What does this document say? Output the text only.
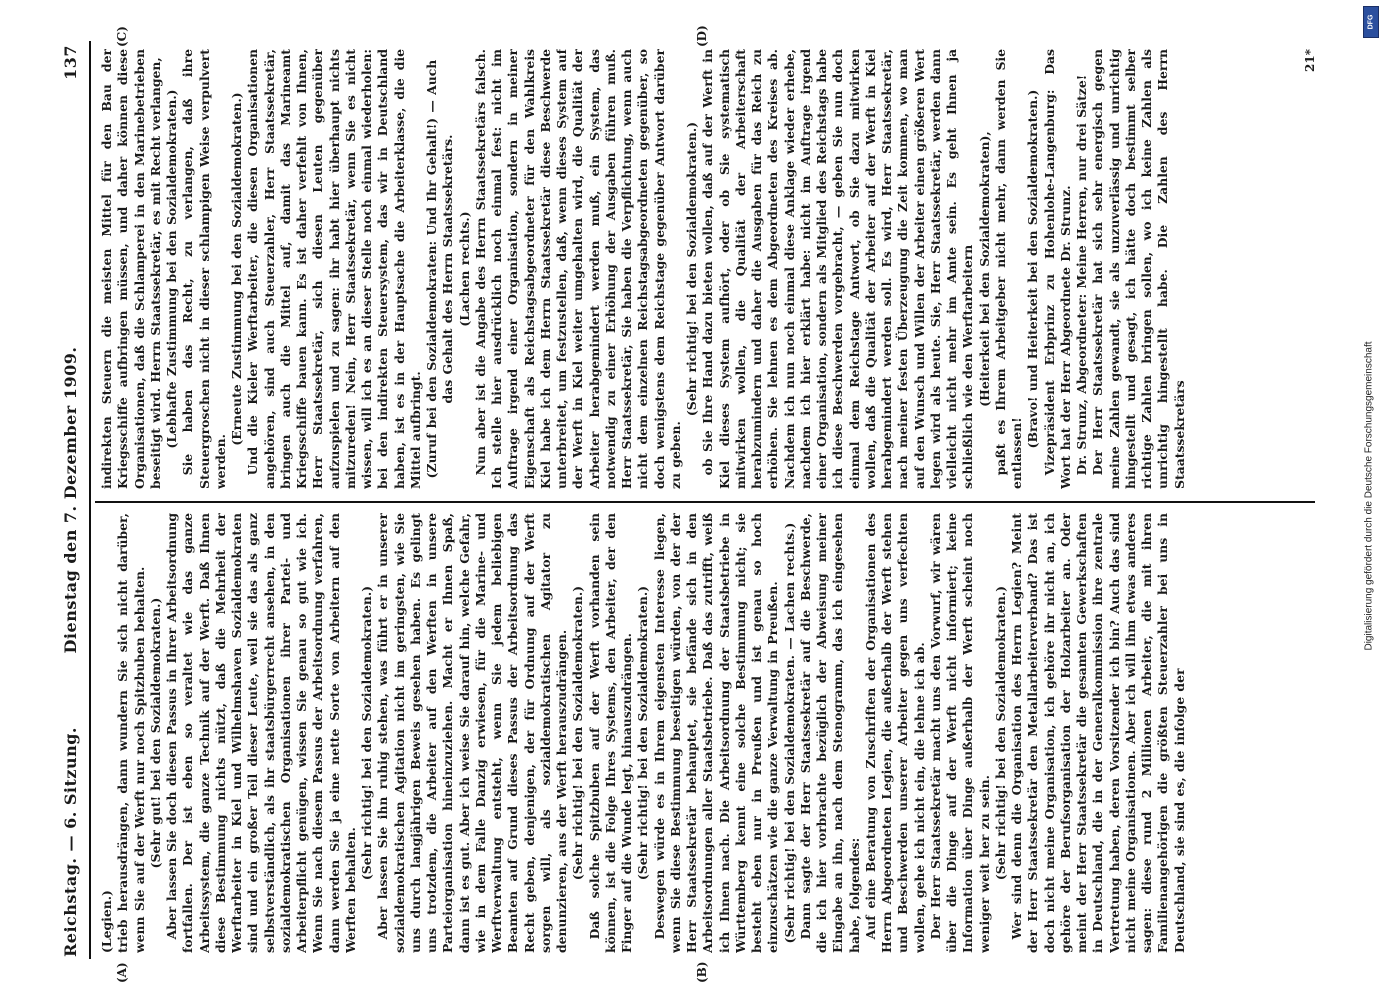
Reichstag. — 6. Sitzung.
Dienstag den 7. Dezember 1909.
137
(A)	(B)
(C)	(D)

(Legien.) trieb herausdrängen, dann wundern Sie sich nicht darüber, wenn Sie auf der Werft nur noch Spitzbuben behalten. (Sehr gut! bei den Sozialdemokraten.) Aber lassen Sie doch diesen Passus in Ihrer Arbeitsordnung fortfallen. Der ist eben so veraltet wie das ganze Arbeitssystem, die ganze Technik auf der Werft. Daß Ihnen diese Bestimmung nichts nützt, daß die Mehrheit der Werftarbeiter in Kiel und Wilhelmshaven Sozialdemokraten sind und ein großer Teil dieser Leute, weil sie das als ganz selbstverständlich, als ihr staatsbürgerrecht ansehen, in den sozialdemokratischen Organisationen ihrer Partei- und Arbeiterpflicht genügen, wissen Sie genau so gut wie ich. Wenn Sie nach diesem Passus der Arbeitsordnung verfahren, dann werden Sie ja eine nette Sorte von Arbeitern auf den Werften behalten.

(Sehr richtig! bei den Sozialdemokraten.) Aber lassen Sie ihn ruhig stehen, was führt er in unserer sozialdemokratischen Agitation nicht im geringsten, wie Sie uns durch langjährigen Beweis gesehen haben. Es gelingt uns trotzdem, die Arbeiter auf den Werften in unsere Parteiorganisation hineinzuziehen. Macht er Ihnen Spaß, dann ist es gut. Aber ich weise Sie darauf hin, welche Gefahr, wie in dem Falle Danzig erwiesen, für die Marine- und Werftverwaltung entsteht, wenn Sie jedem beliebigen Beamten auf Grund dieses Passus der Arbeitsordnung das Recht geben, denjenigen, der für Ordnung auf der Werft sorgen will, als sozialdemokratischen Agitator zu denunzieren, aus der Werft herauszudrängen. (Sehr richtig! bei den Sozialdemokraten.) Daß solche Spitzbuben auf der Werft vorhanden sein können, ist die Folge Ihres Systems, den Arbeiter, der den Finger auf die Wunde legt, hinauszudrängen. (Sehr richtig! bei den Sozialdemokraten.) Deswegen würde es in Ihrem eigensten Interesse liegen, wenn Sie diese Bestimmung beseitigen würden, von der der Herr Staatssekretär behauptet, sie befände sich in den Arbeitsordnungen aller Staatsbetriebe. Daß das zutrifft, weiß ich Ihnen nach. Die Arbeitsordnung der Staatsbetriebe in Württemberg kennt eine solche Bestimmung nicht; sie besteht eben nur in Preußen und ist genau so hoch einzuschätzen wie die ganze Verwaltung in Preußen. (Sehr richtig! bei den Sozialdemokraten. — Lachen rechts.) Dann sagte der Herr Staatssekretär auf die Beschwerde, die ich hier vorbrachte bezüglich der Abweisung meiner Eingabe an ihn, nach dem Stenogramm, das ich eingesehen habe, folgendes: Auf eine Beratung von Zuschriften der Organisationen des Herrn Abgeordneten Legien, die außerhalb der Werft stehen und Beschwerden unserer Arbeiter gegen uns verfechten wollen, gehe ich nicht ein, die lehne ich ab. Der Herr Staatssekretär macht uns den Vorwurf, wir wären über die Dinge auf der Werft nicht informiert; keine Information über Dinge außerhalb der Werft scheint noch weniger weit her zu sein. (Sehr richtig! bei den Sozialdemokraten.) Wer sind denn die Organisation des Herrn Legien? Meint der Herr Staatssekretär den Metallarbeiterverband? Das ist doch nicht meine Organisation, ich gehöre ihr nicht an, ich gehöre der Berufsorganisation der Holzarbeiter an. Oder meint der Herr Staatssekretär die gesamten Gewerkschaften in Deutschland, die in der Generalkommission ihre zentrale Vertretung haben, deren Vorsitzender ich bin? Auch das sind nicht meine Organisationen. Aber ich will ihm etwas anderes sagen: diese rund 2 Millionen Arbeiter, die mit ihren Familienangehörigen die größten Steuerzahler bei uns in Deutschland, sie sind es, die infolge der

indirekten Steuern die meisten Mittel für den Bau der Kriegsschiffe aufbringen müssen, und daher können diese Organisationen, daß die Schlamperei in den Marinebetrieben beseitigt wird. Herrn Staatssekretär, es mit Recht verlangen, (Lebhafte Zustimmung bei den Sozialdemokraten.) Sie haben das Recht, zu verlangen, daß ihre Steuergroschen nicht in dieser schlampigen Weise verpulvert werden.

(Erneute Zustimmung bei den Sozialdemokraten.) Und die Kieler Werftarbeiter, die diesen Organisationen angehören, sind auch Steuerzahler, Herr Staatssekretär, bringen auch die Mittel auf, damit das Marineamt Kriegsschiffe bauen kann. Es ist daher verfehlt von Ihnen, Herr Staatssekretär, sich diesen Leuten gegenüber aufzuspielen und zu sagen: ihr habt hier überhaupt nichts mitzureden! Nein, Herr Staatssekretär, wenn Sie es nicht wissen, will ich es an dieser Stelle noch einmal wiederholen: bei den indirekten Steuersystem, das wir in Deutschland haben, ist es in der Hauptsache die Arbeiterklasse, die die Mittel aufbringt. (Zuruf bei den Sozialdemokraten: Und Ihr Gehalt!) — Auch das Gehalt des Herrn Staatssekretärs. (Lachen rechts.) Nun aber ist die Angabe des Herrn Staatssekretärs falsch. Ich stelle hier ausdrücklich noch einmal fest: nicht im Auftrage irgend einer Organisation, sondern in meiner Eigenschaft als Reichstagsabgeordneter für den Wahlkreis Kiel habe ich dem Herrn Staatssekretär diese Beschwerde unterbreitet, um festzustellen, daß, wenn dieses System auf der Werft in Kiel weiter umgehalten wird, die Qualität der Arbeiter herabgemindert werden muß, ein System, das notwendig zu einer Erhöhung der Ausgaben führen muß. Herr Staatssekretär, Sie haben die Verpflichtung, wenn auch nicht dem einzelnen Reichstagsabgeordneten gegenüber, so doch wenigstens dem Reichstage gegenüber Antwort darüber zu geben.

(Sehr richtig! bei den Sozialdemokraten.) ob Sie Ihre Hand dazu bieten wollen, daß auf der Werft in Kiel dieses System aufhört, oder ob Sie systematisch mitwirken wollen, die Qualität der Arbeiterschaft herabzumindern und daher die Ausgaben für das Reich zu erhöhen. Sie lehnen es dem Abgeordneten des Kreises ab. Nachdem ich nun noch einmal diese Anklage wieder erhebe, nachdem ich hier erklärt habe: nicht im Auftrage irgend einer Organisation, sondern als Mitglied des Reichstags habe ich diese Beschwerden vorgebracht, — geben Sie nun doch einmal dem Reichstage Antwort, ob Sie dazu mitwirken wollen, daß die Qualität der Arbeiter auf der Werft in Kiel herabgemindert werden soll. Es wird, Herr Staatssekretär, nach meiner festen Überzeugung die Zeit kommen, wo man auf den Wunsch und Willen der Arbeiter einen größeren Wert legen wird als heute. Sie, Herr Staatssekretär, werden dann vielleicht nicht mehr im Amte sein. Es geht Ihnen ja schließlich wie den Werftarbeitern (Heiterkeit bei den Sozialdemokraten), paßt es Ihrem Arbeitgeber nicht mehr, dann werden Sie entlassen!

(Bravo! und Heiterkeit bei den Sozialdemokraten.) Vizepräsident Erbprinz zu Hohenlohe-Langenburg: Das Wort hat der Herr Abgeordnete Dr. Strunz. Dr. Strunz, Abgeordneter: Meine Herren, nur drei Sätze! Der Herr Staatssekretär hat sich sehr energisch gegen meine Zahlen gewandt, sie als unzuverlässig und unrichtig hingestellt und gesagt, ich hätte doch bestimmt selber richtige Zahlen bringen sollen, wo ich keine Zahlen als unrichtig hingestellt habe. Die Zahlen des Herrn Staatssekretärs

21*
Digitalisierung gefördert durch die Deutsche Forschungsgemeinschaft
DFG
